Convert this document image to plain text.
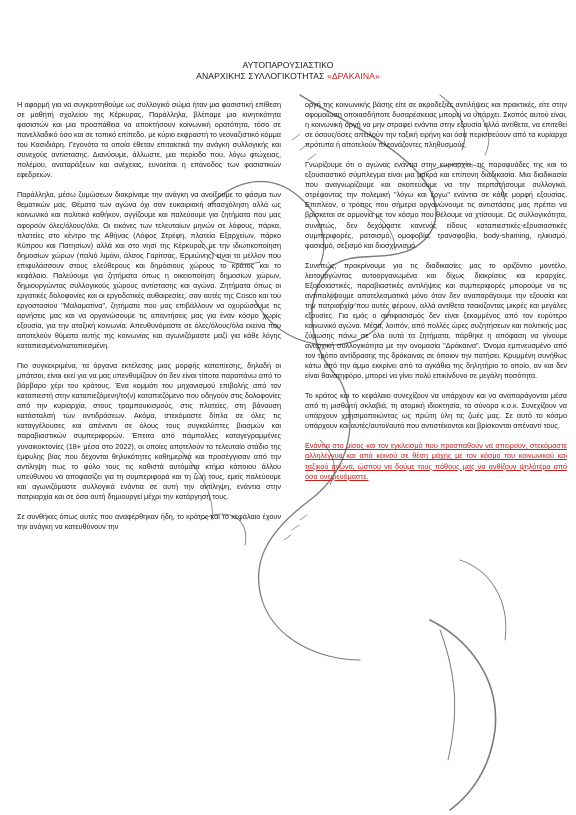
ΑΥΤΟΠΑΡΟΥΣΙΑΣΤΙΚΟ
ΑΝΑΡΧΙΚΗΣ ΣΥΛΛΟΓΙΚΟΤΗΤΑΣ «ΔΡΑΚΑΙΝΑ»

Η αφορμή για να συγκροτηθούμε ως συλλογικό σώμα ήταν μια φασιστική επίθεση σε μαθητή σχολείου της Κέρκυρας, Παράλληλα, βλέπαμε μια κινητικότητα φασιστών και μια προσπάθεια να αποκτήσουν κοινωνική ορατότητα, τόσο σε πανελλαδικό όσο και σε τοπικό επίπεδο, με κύριο εκφραστή το νεοναζιστικό κόμμα του Κασιδιάρη. Γεγονότα τα οποία έθεταν επιτακτικά την ανάγκη συλλογικής και συνεχούς αντίστασης. Διανύουμε, άλλωστε, μια περίοδο που, λόγω φτώχειας, πολέμου, αναταράξεων και ανέχειας, ευνοείται η επάνοδος των φασιστικών εφεδρειών.

Παράλληλα, μέσω ζυμώσεων διακρίναμε την ανάγκη να ανοίξουμε το φάσμα των θεματικών μας. Θέματα των αγώνα όχι σαν ευκαιριακή απασχόληση αλλά ως κοινωνικό και πολιτικό καθήκον, αγγίζουμε και παλεύουμε για ζητήματα που μας αφορούν όλες/όλους/όλα. Οι εικόνες των τελευταίων μηνών σε λόφους, πάρκα, πλατείες στο κέντρο της Αθήνας (Λόφος Στρέφη, πλατεία Εξαρχείων, πάρκο Κύπρου και Πατησίων) αλλά και στο νησί της Κέρκυρας με την ιδιωτικοποίηση δημοσίων χώρων (παλιό λιμάνι, άλσος Γαρίτσας, Ερμιώνης) είναι το μέλλον που επιφυλάσσουν στους ελεύθερους και δημόσιους χώρους το κράτος και το κεφάλαιο. Παλεύουμε για ζητήματα όπως η οικειοποίηση δημοσίων χώρων, δημιουργώντας συλλογικούς χώρους αντίστασης και αγώνα. Ζητήματα όπως οι εργατικές δολοφονίες και οι εργοδοτικές αυθαιρεσίες, σαν αυτές της Cosco και του εργοστασίου "Μαλαματίνα", ζητήματα που μας επιβάλλουν να οχυρώσουμε τις αρνήσεις μας και να οργανώσουμε τις απαντήσεις μας για έναν κόσμο χωρίς εξουσία, για την αταξική κοινωνία. Απευθυνόμαστε σε όλες/όλους/όλα εκείνα που αποτελούν θύματα αυτής της κοινωνίας και αγωνιζόμαστε μαζί για κάθε λόγης καταπιεσμένο/καταπιεσμένη.

Πιο συγκεκριμένα, τα όργανα εκτέλεσης μιας μορφής καταπίεσης, δηλαδή οι μπάτσοι, είναι εκεί για να μας υπενθυμίζουν ότι δεν είναι τίποτα παραπάνω από το βάρβαρο χέρι του κράτους. Ένα κομμάτι του μηχανισμού επιβολής από τον καταπιεστή στην καταπιεζόμενη/το(ν) καταπιεζόμενο που οδηγούν στις δολοφονίες από την κυριαρχία, στους τραμπουκισμούς, στις πλατείες, στη βάναυση κατάσταλσή των αντιδράσεων. Ακόμα, στεκόμαστε δίπλα σε όλες τις καταγγέλουσες και απέναντι σε όλους τους συγκαλύπτες βιασμών και παραβιαστικών συμπεριφορών. Έπειτα από πάμπολλες καταγεγραμμένες γυναικοκτονίες (18+ μέσα στο 2022), οι οποίες αποτελούν το τελευταίο στάδιο της έμφυλης βίας που δέχονται θηλυκότητες καθημερινά και προσέγγισαν από την αντίληψη πως το φύλο τους τις καθιστά αυτόματα κτήμα κάποιου άλλου υπεύθυνου να αποφασίζει για τη συμπεριφορά και τη ζωή τους, εμείς παλεύουμε και αγωνιζόμαστε συλλογικά ενάντια σε αυτή την αντίληψη, ενάντια στην πατριαρχία και σε όσα αυτή δημιουργεί μέχρι την κατάργησή τους.

Σε συνθήκες όπως αυτές που αναφέρθηκαν ήδη, το κράτος και το κεφάλαιο έχουν την ανάγκη να κατευθύνουν την

οργή της κοινωνικής βάσης είτε σε ακροδεξιές αντιλήψεις και πρακτικές, είτε στην αφομοίωση οποιασδήποτε δυσαρέσκειας μπορεί να υπάρχει. Σκοπός αυτού είναι, η κοινωνική οργή να μην στραφεί ενάντια στην εξουσία αλλά αντίθετα, να επιτεθεί σε όσους/όσες απειλούν την ταξική ειρήνη και όσα περισσεύουν από τα κυρίαρχα πρότυπα ή αποτελούν πλεονάζοντες πληθυσμούς.

Γνωρίζουμε ότι ο αγώνας ενάντια στην κυριαρχία, τις παραφυάδες της και το εξουσιαστικό σύμπλεγμα είναι μια μακρά και επίπονη διαδικασία. Μια διαδικασία που αναγνωρίζουμε και σκοπεύουμε να την περπατήσουμε συλλογικά, στρέφοντας την πολεμική "λόγω και έργω" ενάντια σε κάθε μορφή εξουσίας. Επιπλέον, ο τρόπος που σήμερα οργανώνουμε τις αντιστάσεις μας πρέπει να βρίσκεται σε αρμονία με τον κόσμο που θέλουμε να χτίσουμε. Ως συλλογικότητα, συνεπώς, δεν δεχόμαστε κανενός είδους καταπιεστικές-εξουσιαστικές συμπεριφορές, ρατσισμό, ομοφοβία, τρανσφοβία, body-shaming, ηλικισμό, φασισμό, σεξισμό και διοσχυνισμό.

Συνεπώς, προκρίνουμε για τις διαδικασίες μας το οριζόντιο μοντέλο, λειτουργώντας αυτοοργανωμένα και δίχως διακρίσεις και ιεραρχίες. Εξουσιαστικές, παραβιαστικές αντιλήψεις και συμπεριφορές μπορούμε να τις αντιπαλέψουμε αποτελεσματικά μόνο όταν δεν αναπαράγουμε την εξουσία και την πατριαρχία που αυτές φέρουν, αλλά αντίθετα τσακίζοντας μικρές και μεγάλες εξουσίες. Για εμάς ο αντιφασισμός δεν είναι ξεκομμένος από τον ευρύτερο κοινωνικό αγώνα. Μέσα, λοιπόν, από πολλές ώρες συζητήσεων και πολιτικής μας ζύμωσης πάνω σε όλα αυτά τα ζητήματα, πάρθηκε η απόφαση να γίνουμε αναρχική συλλογικότητα με την ονομασία "Δράκαινα". Όνομα εμπνευσμένο από τον τρόπο αντίδρασης της δράκαινας σε όποιον την πατήσει. Κρυμμένη συνήθως κάτω από την άμμο εκκρίνει από τα αγκάθια της δηλητήριο το οποίο, αν και δεν είναι θανατηφόρο, μπορεί να γίνει πολύ επικίνδυνο σε μεγάλη ποσότητα.

Το κράτος και το κεφάλαιο συνεχίζουν να υπάρχουν και να αναπαράγονται μέσα από τη μισθωτή σκλαβιά, τη ατομική ιδιοκτησία, τα σύνορα κ.ο.κ. Συνεχίζουν να υπάρχουν χρησιμοποιώντας ως πρώτη ύλη τις ζωές μας. Σε αυτό το κόσμο υπάρχουν και αυτές/αυτοί/αυτά που αντιστέκονται και βρίσκονται απέναντί τους.

Ενάντια στο μίσος και τον εγκλεισμό που προσπαθούν να σπείρουν, στεκόμαστε αλληλέγγυα και από κοινού σε θέση μάχης με τον κόσμο του κοινωνικού και ταξικού αγώνα, ώσπου να δούμε τους πόθους μας να ανθίζουν ψηλότερα από όσα ονειρευόμαστε.
